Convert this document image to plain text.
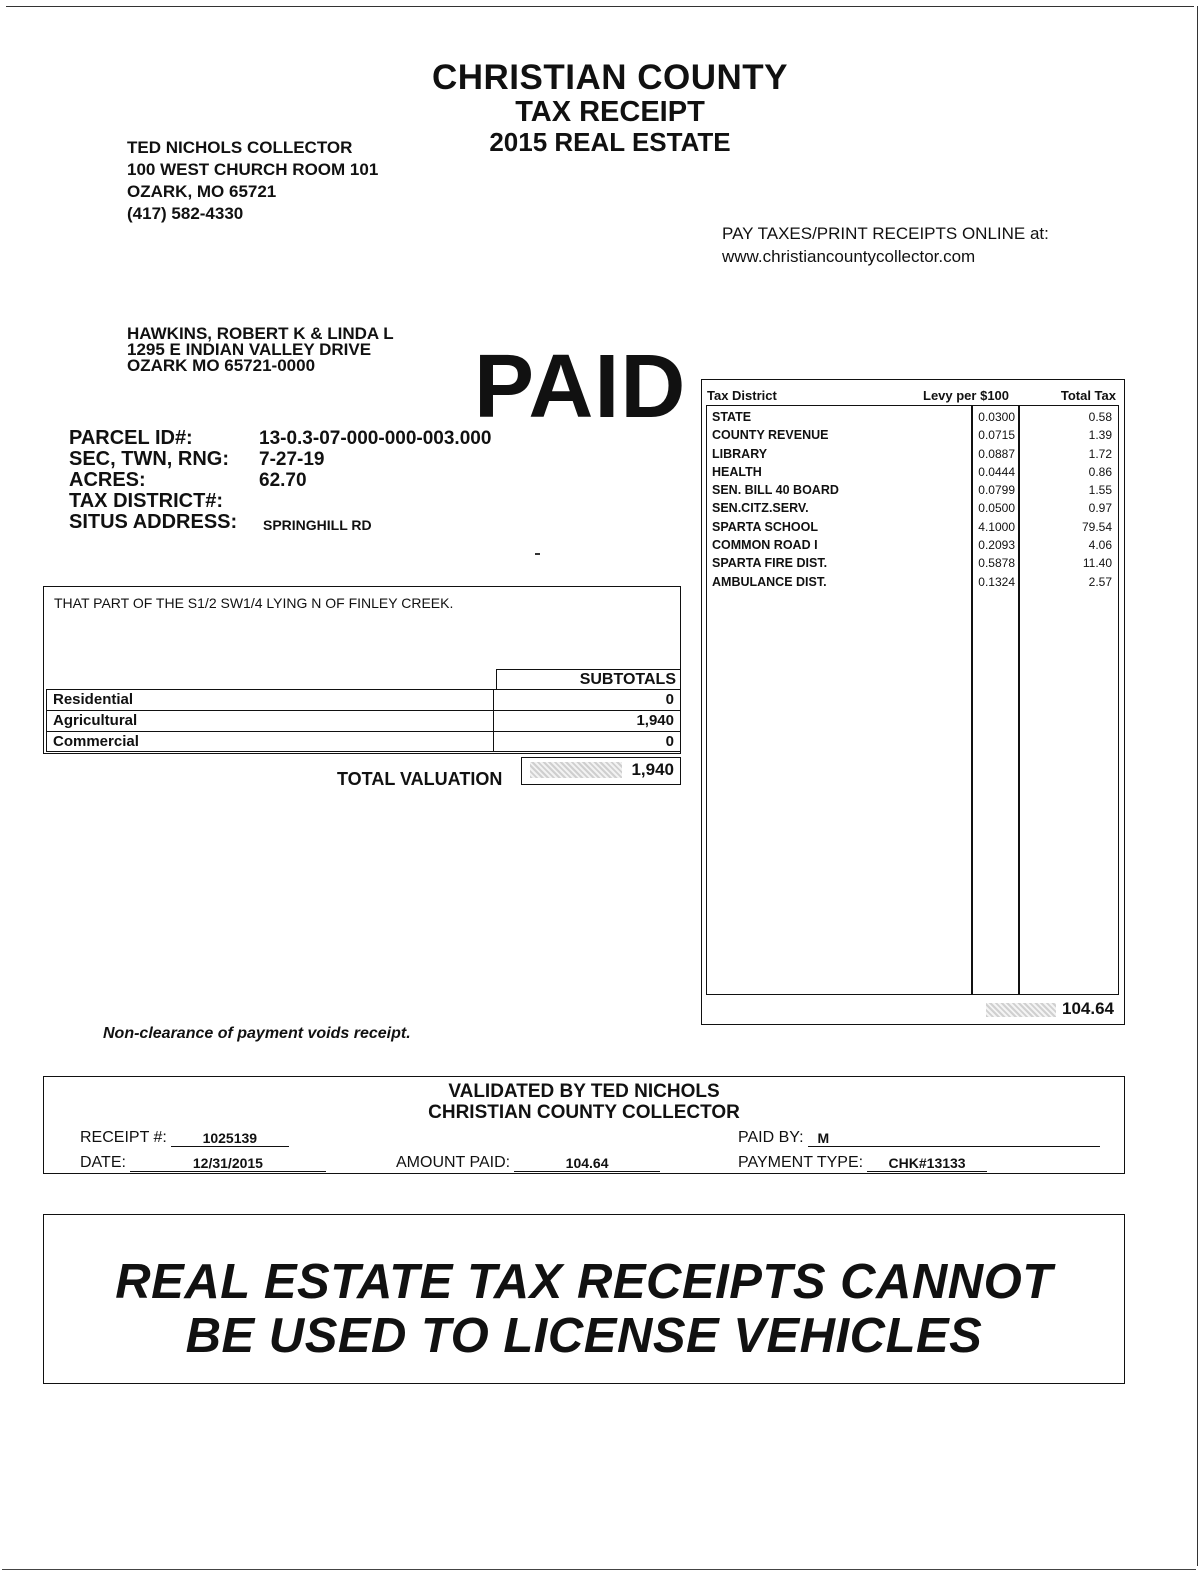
CHRISTIAN COUNTY
TAX RECEIPT
2015 REAL ESTATE
TED NICHOLS COLLECTOR
100 WEST CHURCH ROOM 101
OZARK, MO 65721
(417) 582-4330
PAY TAXES/PRINT RECEIPTS ONLINE at:
www.christiancountycollector.com
HAWKINS, ROBERT K & LINDA L
1295 E INDIAN VALLEY DRIVE
OZARK MO 65721-0000	PAID
PARCEL ID#:	13-0.3-07-000-000-003.000
SEC, TWN, RNG:	7-27-19
ACRES:	62.70
TAX DISTRICT#:
SITUS ADDRESS:	SPRINGHILL RD
THAT PART OF THE S1/2 SW1/4 LYING N OF FINLEY CREEK.
SUBTOTALS
Residential	0
Agricultural	1,940
Commercial	0
TOTAL VALUATION	1,940
Tax District	Levy per $100	Total Tax
STATE	0.0300	0.58
COUNTY REVENUE	0.0715	1.39
LIBRARY	0.0887	1.72
HEALTH	0.0444	0.86
SEN. BILL 40 BOARD	0.0799	1.55
SEN.CITZ.SERV.	0.0500	0.97
SPARTA SCHOOL	4.1000	79.54
COMMON ROAD I	0.2093	4.06
SPARTA FIRE DIST.	0.5878	11.40
AMBULANCE DIST.	0.1324	2.57
104.64
Non-clearance of payment voids receipt.
VALIDATED BY TED NICHOLS
CHRISTIAN COUNTY COLLECTOR
RECEIPT #:	1025139	PAID BY:	M
DATE:	12/31/2015	AMOUNT PAID:	104.64	PAYMENT TYPE:	CHK#13133
REAL ESTATE TAX RECEIPTS CANNOT
BE USED TO LICENSE VEHICLES
